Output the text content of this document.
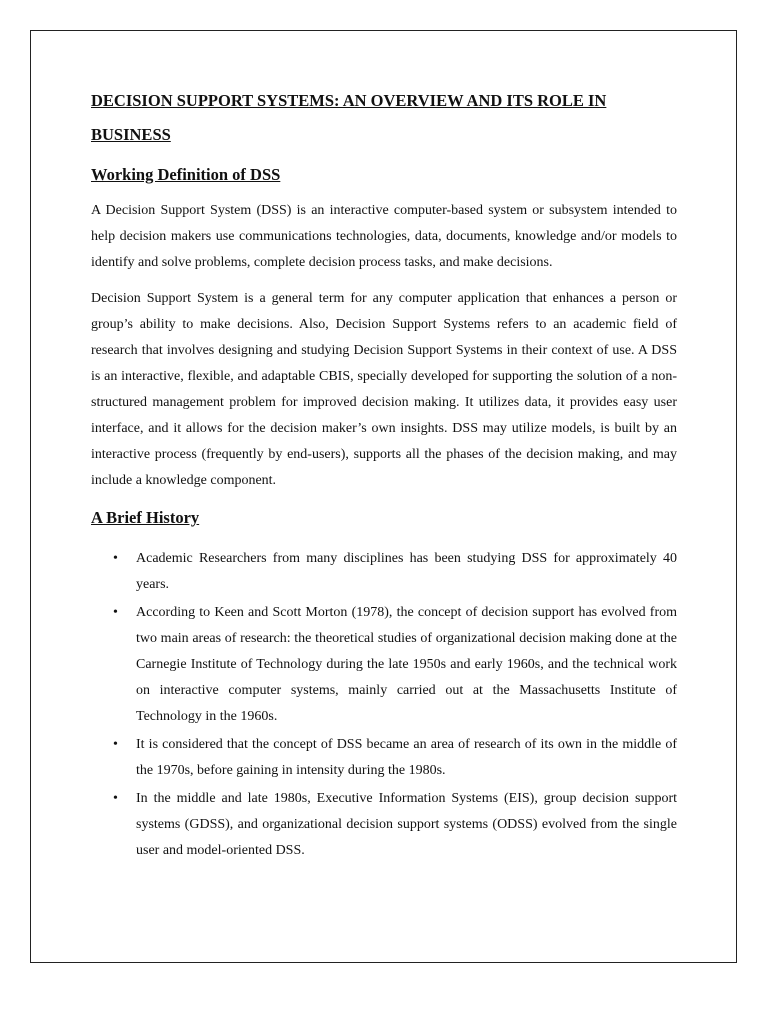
DECISION SUPPORT SYSTEMS: AN OVERVIEW AND ITS ROLE IN BUSINESS
Working Definition of DSS

A Decision Support System (DSS) is an interactive computer-based system or subsystem intended to help decision makers use communications technologies, data, documents, knowledge and/or models to identify and solve problems, complete decision process tasks, and make decisions.

Decision Support System is a general term for any computer application that enhances a person or group’s ability to make decisions. Also, Decision Support Systems refers to an academic field of research that involves designing and studying Decision Support Systems in their context of use. A DSS is an interactive, flexible, and adaptable CBIS, specially developed for supporting the solution of a non-structured management problem for improved decision making. It utilizes data, it provides easy user interface, and it allows for the decision maker’s own insights. DSS may utilize models, is built by an interactive process (frequently by end-users), supports all the phases of the decision making, and may include a knowledge component.

A Brief History
• Academic Researchers from many disciplines has been studying DSS for approximately 40 years.
• According to Keen and Scott Morton (1978), the concept of decision support has evolved from two main areas of research: the theoretical studies of organizational decision making done at the Carnegie Institute of Technology during the late 1950s and early 1960s, and the technical work on interactive computer systems, mainly carried out at the Massachusetts Institute of Technology in the 1960s.
• It is considered that the concept of DSS became an area of research of its own in the middle of the 1970s, before gaining in intensity during the 1980s.
• In the middle and late 1980s, Executive Information Systems (EIS), group decision support systems (GDSS), and organizational decision support systems (ODSS) evolved from the single user and model-oriented DSS.
